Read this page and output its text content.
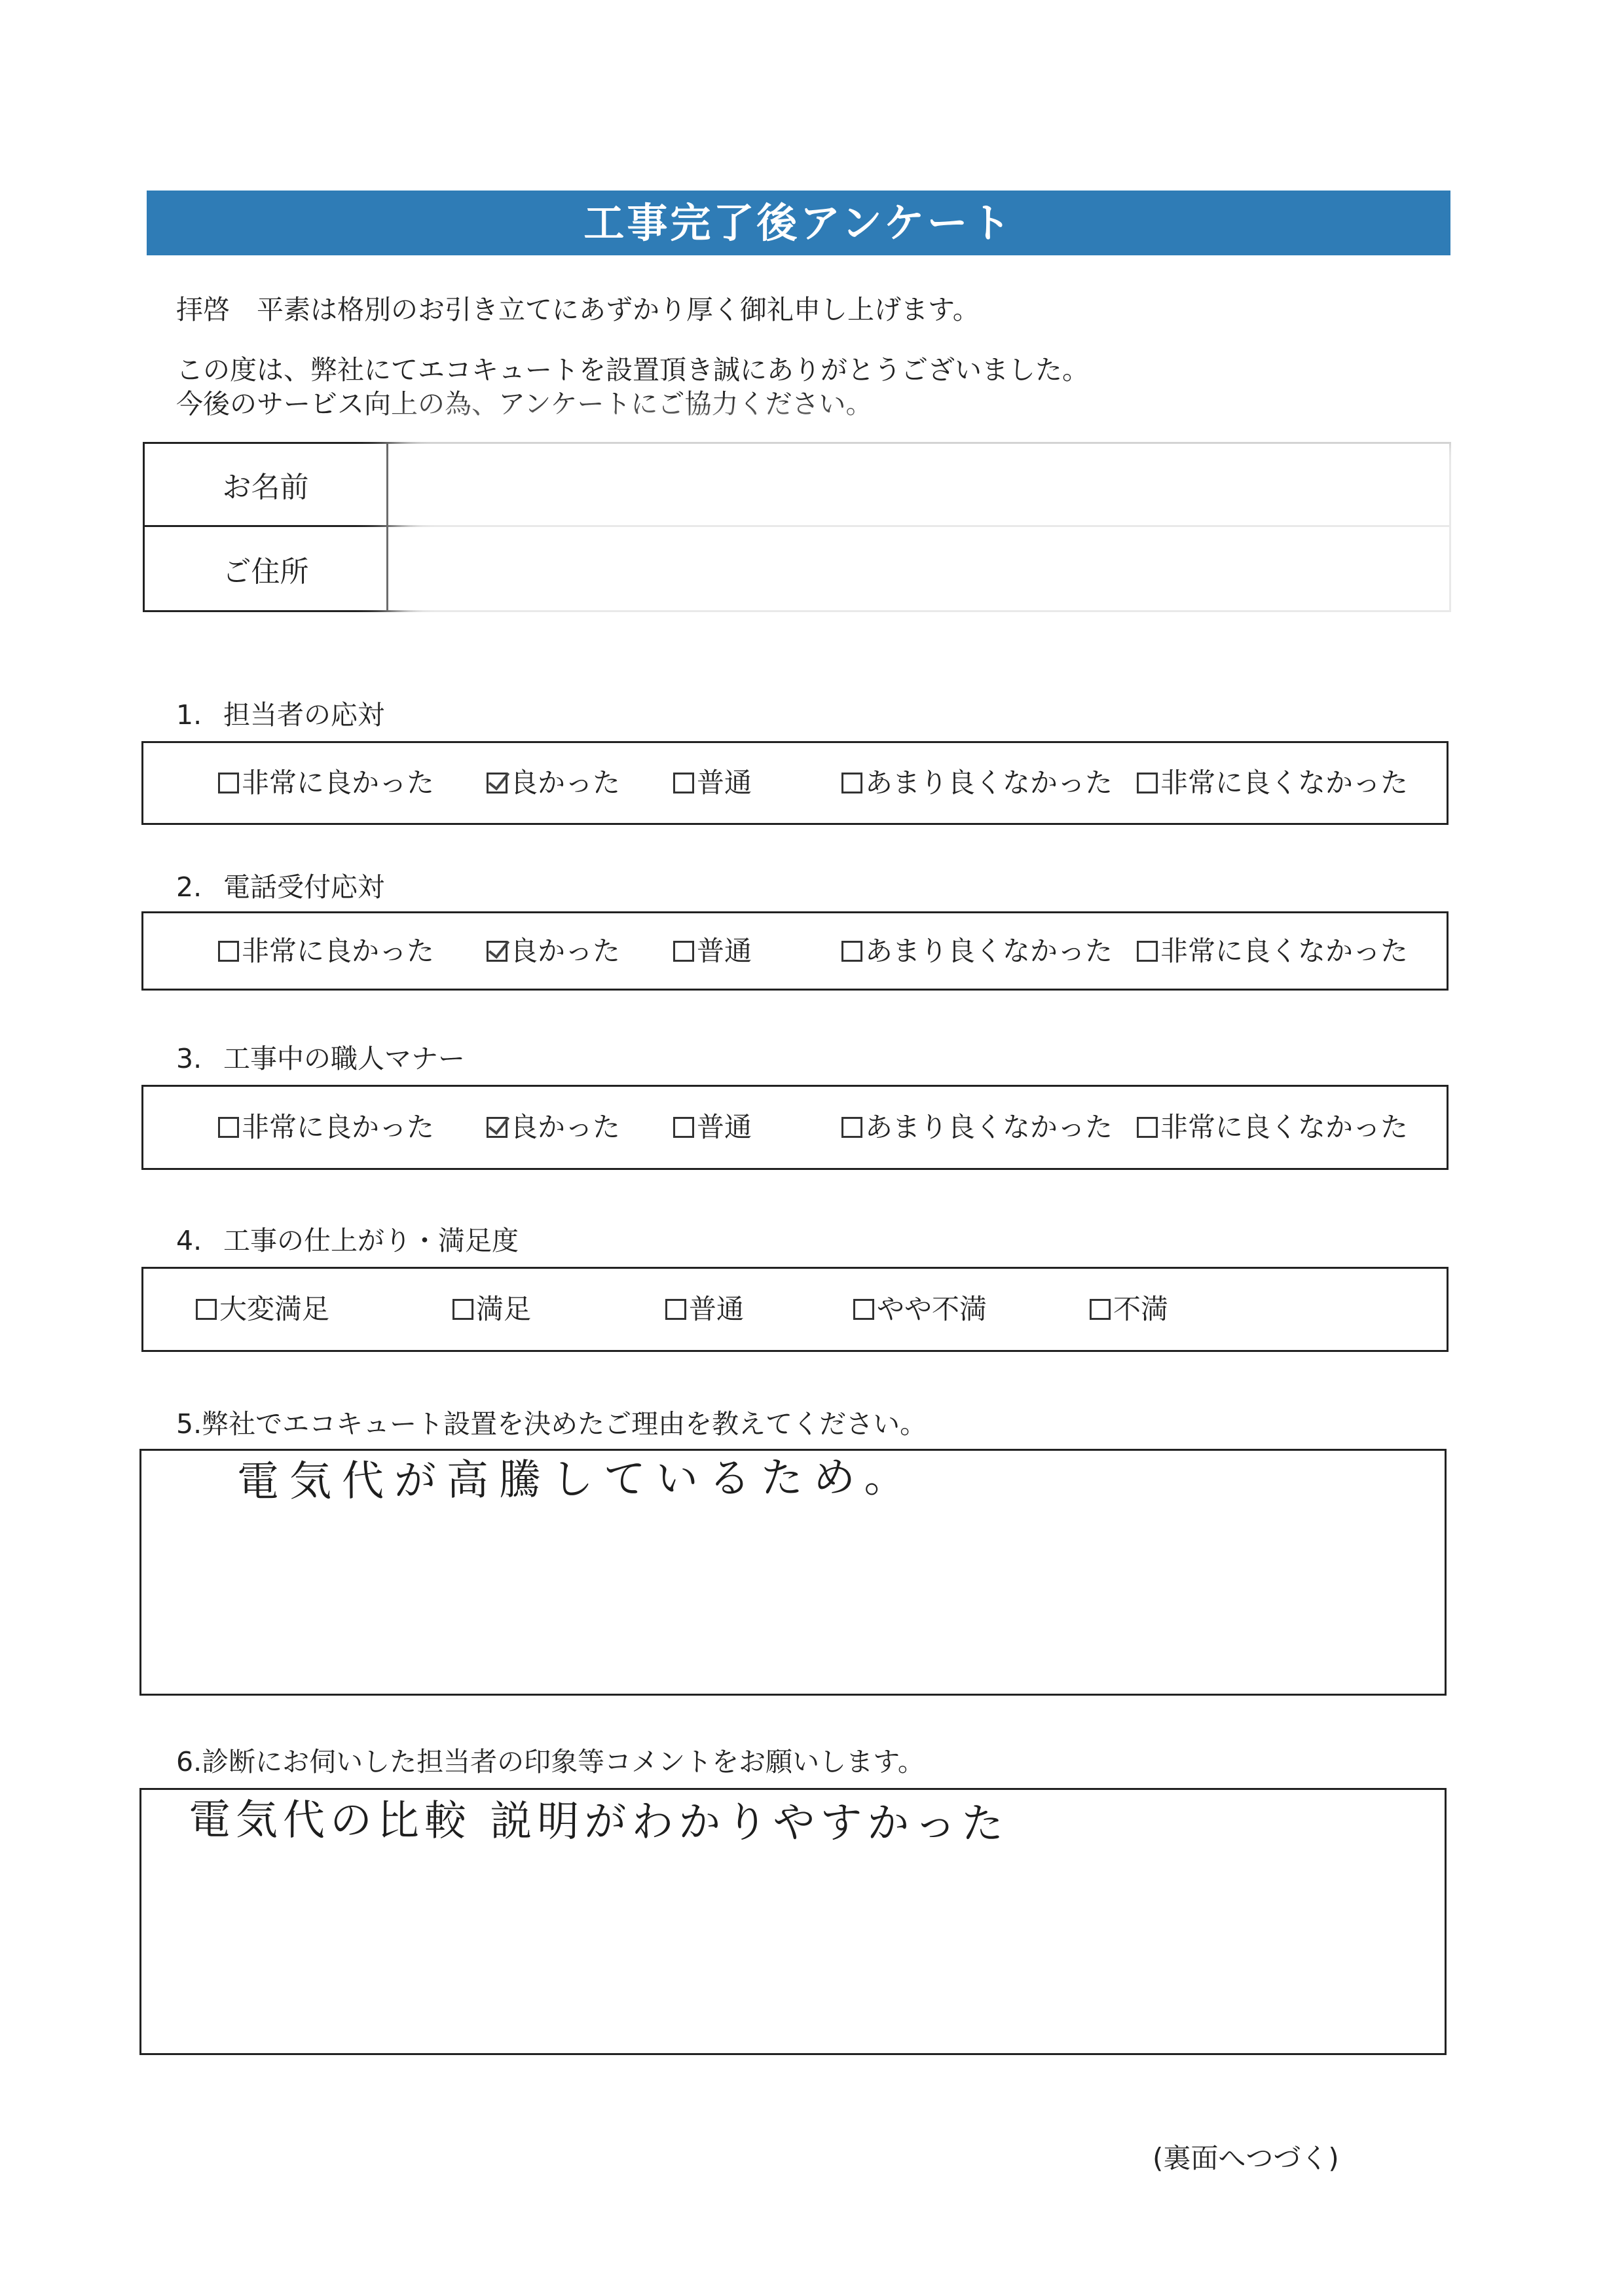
工事完了後アンケート
拝啓　平素は格別のお引き立てにあずかり厚く御礼申し上げます。
この度は、弊社にてエコキュートを設置頂き誠にありがとうございました。
今後のサービス向上の為、アンケートにご協力ください。
お名前
ご住所
1. 担当者の応対
非常に良かった	良かった	普通	あまり良くなかった 非常に良くなかった
2. 電話受付応対
非常に良かった	良かった	普通	あまり良くなかった 非常に良くなかった
3. 工事中の職人マナー
非常に良かった	良かった	普通	あまり良くなかった 非常に良くなかった
4. 工事の仕上がり・満足度
大変満足	満足	普通	やや不満	不満
5.弊社でエコキュート設置を決めたご理由を教えてください。
電気代が高騰しているため。
6.診断にお伺いした担当者の印象等コメントをお願いします。
電気代の比較 説明がわかりやすかった
(裏面へつづく)
